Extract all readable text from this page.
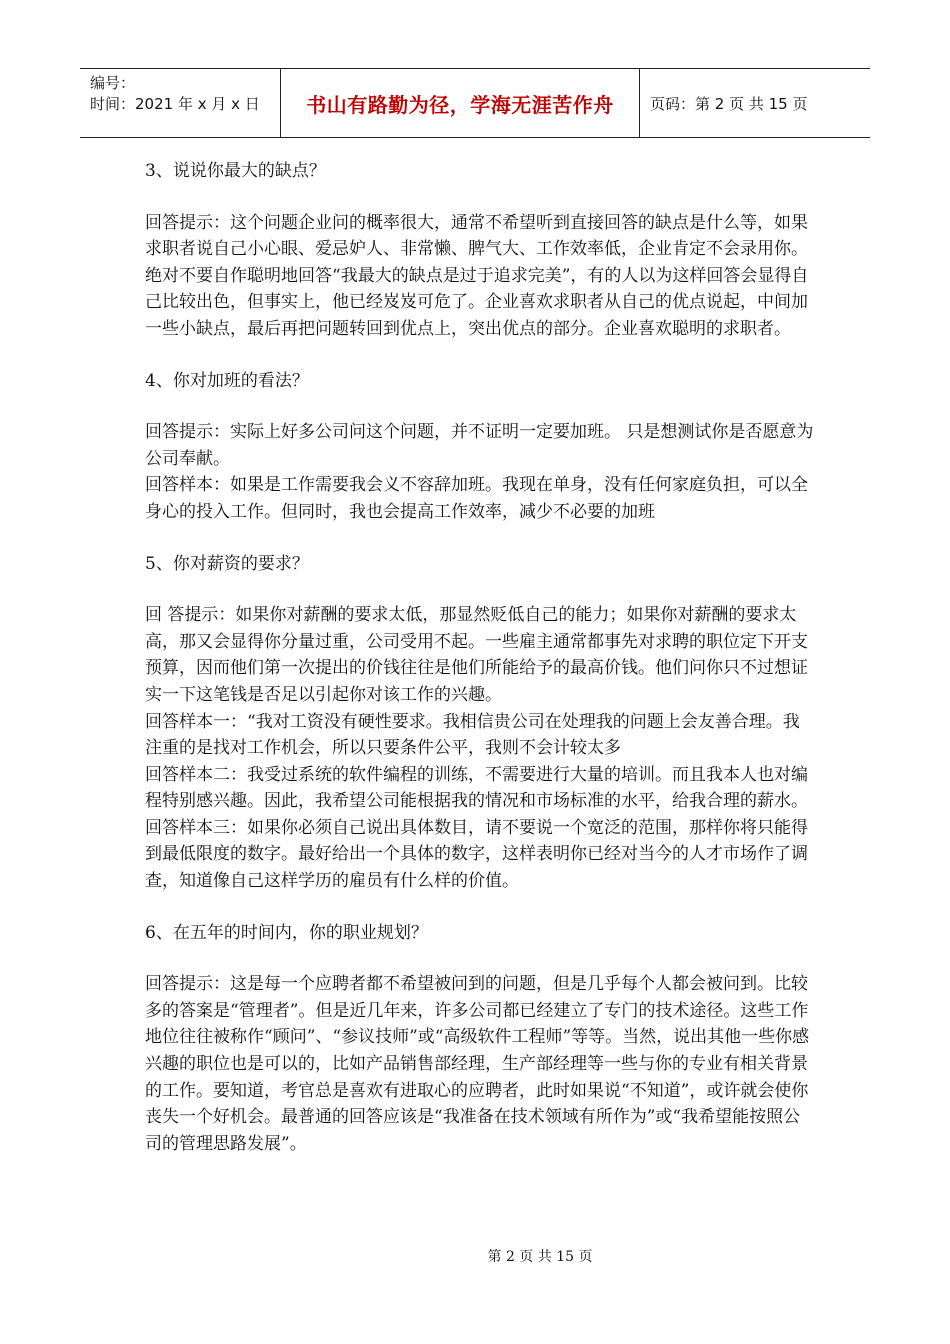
编号：
时间：2021 年 x 月 x 日	书山有路勤为径，学海无涯苦作舟	页码：第 2 页 共 15 页

3、说说你最大的缺点？

回答提示：这个问题企业问的概率很大，通常不希望听到直接回答的缺点是什么等，如果求职者说自己小心眼、爱忌妒人、非常懒、脾气大、工作效率低，企业肯定不会录用你。绝对不要自作聪明地回答“我最大的缺点是过于追求完美”，有的人以为这样回答会显得自己比较出色，但事实上，他已经岌岌可危了。企业喜欢求职者从自己的优点说起，中间加一些小缺点，最后再把问题转回到优点上，突出优点的部分。企业喜欢聪明的求职者。

4、你对加班的看法？

回答提示：实际上好多公司问这个问题，并不证明一定要加班。 只是想测试你是否愿意为公司奉献。

回答样本：如果是工作需要我会义不容辞加班。我现在单身，没有任何家庭负担，可以全身心的投入工作。但同时，我也会提高工作效率，减少不必要的加班

5、你对薪资的要求？

回 答提示：如果你对薪酬的要求太低，那显然贬低自己的能力；如果你对薪酬的要求太高，那又会显得你分量过重，公司受用不起。一些雇主通常都事先对求聘的职位定下开支预算，因而他们第一次提出的价钱往往是他们所能给予的最高价钱。他们问你只不过想证实一下这笔钱是否足以引起你对该工作的兴趣。

回答样本一：“我对工资没有硬性要求。我相信贵公司在处理我的问题上会友善合理。我注重的是找对工作机会，所以只要条件公平，我则不会计较太多

回答样本二：我受过系统的软件编程的训练，不需要进行大量的培训。而且我本人也对编程特别感兴趣。因此，我希望公司能根据我的情况和市场标准的水平，给我合理的薪水。

回答样本三：如果你必须自己说出具体数目，请不要说一个宽泛的范围，那样你将只能得到最低限度的数字。最好给出一个具体的数字，这样表明你已经对当今的人才市场作了调查，知道像自己这样学历的雇员有什么样的价值。

6、在五年的时间内，你的职业规划？

回答提示：这是每一个应聘者都不希望被问到的问题，但是几乎每个人都会被问到。比较多的答案是“管理者”。但是近几年来，许多公司都已经建立了专门的技术途径。这些工作地位往往被称作“顾问”、“参议技师”或“高级软件工程师”等等。当然，说出其他一些你感兴趣的职位也是可以的，比如产品销售部经理，生产部经理等一些与你的专业有相关背景的工作。要知道，考官总是喜欢有进取心的应聘者，此时如果说“不知道”，或许就会使你丧失一个好机会。最普通的回答应该是“我准备在技术领域有所作为”或“我希望能按照公司的管理思路发展”。

第 2 页 共 15 页
